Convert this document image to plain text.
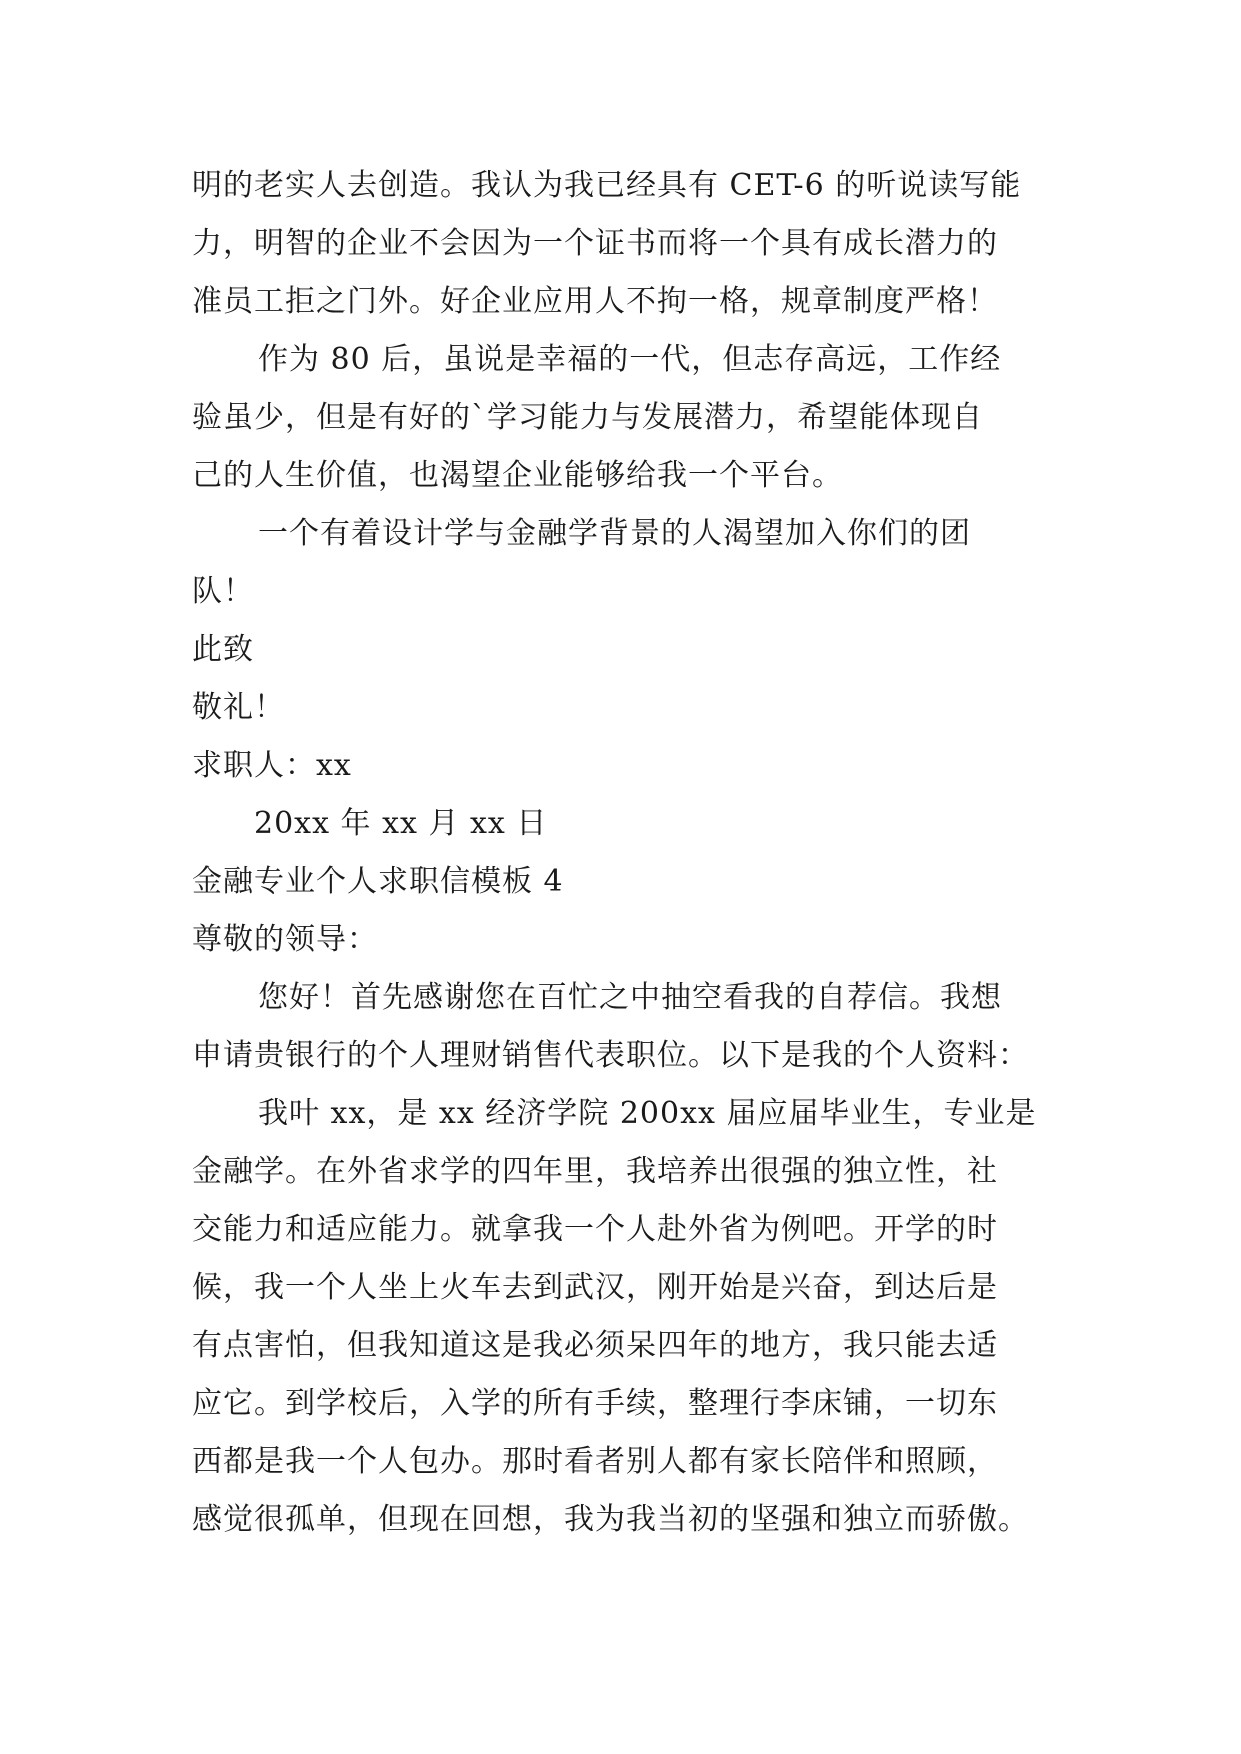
明的老实人去创造。我认为我已经具有 CET-6 的听说读写能

力，明智的企业不会因为一个证书而将一个具有成长潜力的

准员工拒之门外。好企业应用人不拘一格，规章制度严格！

作为 80 后，虽说是幸福的一代，但志存高远，工作经

验虽少，但是有好的`学习能力与发展潜力，希望能体现自

己的人生价值，也渴望企业能够给我一个平台。

一个有着设计学与金融学背景的人渴望加入你们的团

队！

此致

敬礼！

求职人：xx

20xx 年 xx 月 xx 日

金融专业个人求职信模板 4

尊敬的领导：

您好！首先感谢您在百忙之中抽空看我的自荐信。我想

申请贵银行的个人理财销售代表职位。以下是我的个人资料：

我叶 xx，是 xx 经济学院 200xx 届应届毕业生，专业是

金融学。在外省求学的四年里，我培养出很强的独立性，社

交能力和适应能力。就拿我一个人赴外省为例吧。开学的时

候，我一个人坐上火车去到武汉，刚开始是兴奋，到达后是

有点害怕，但我知道这是我必须呆四年的地方，我只能去适

应它。到学校后，入学的所有手续，整理行李床铺，一切东

西都是我一个人包办。那时看者别人都有家长陪伴和照顾，

感觉很孤单，但现在回想，我为我当初的坚强和独立而骄傲。
